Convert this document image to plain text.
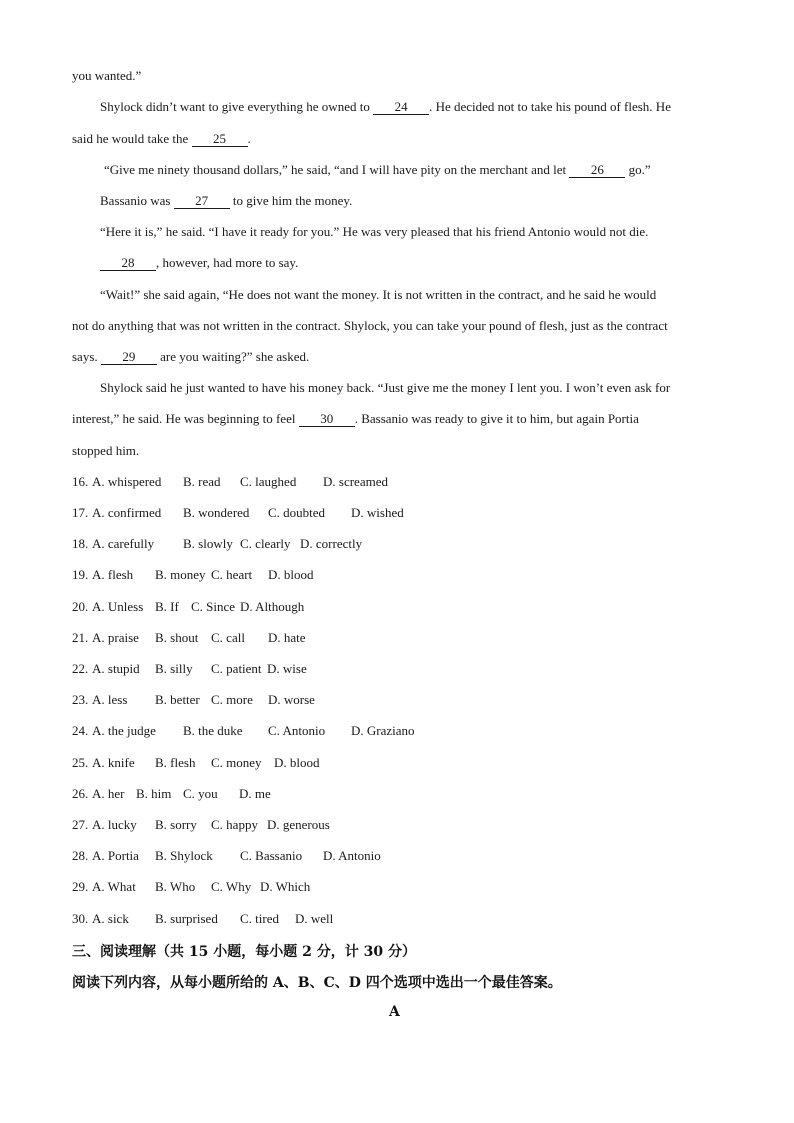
you wanted.”
Shylock didn’t want to give everything he owned to 24 . He decided not to take his pound of flesh. He
said he would take the 25 .
“Give me ninety thousand dollars,” he said, “and I will have pity on the merchant and let 26 go.”
Bassanio was 27 to give him the money.
“Here it is,” he said. “I have it ready for you.” He was very pleased that his friend Antonio would not die.
28 , however, had more to say.
“Wait!” she said again, “He does not want the money. It is not written in the contract, and he said he would
not do anything that was not written in the contract. Shylock, you can take your pound of flesh, just as the contract
says. 29 are you waiting?” she asked.
Shylock said he just wanted to have his money back. “Just give me the money I lent you. I won’t even ask for
interest,” he said. He was beginning to feel 30 . Bassanio was ready to give it to him, but again Portia
stopped him.
16. A. whispered B. read C. laughed D. screamed
17. A. confirmed B. wondered C. doubted D. wished
18. A. carefully B. slowly C. clearly D. correctly
19. A. flesh B. money C. heart D. blood
20. A. Unless B. If C. Since D. Although
21. A. praise B. shout C. call D. hate
22. A. stupid B. silly C. patient D. wise
23. A. less B. better C. more D. worse
24. A. the judge B. the duke C. Antonio D. Graziano
25. A. knife B. flesh C. money D. blood
26. A. her B. him C. you D. me
27. A. lucky B. sorry C. happy D. generous
28. A. Portia B. Shylock C. Bassanio D. Antonio
29. A. What B. Who C. Why D. Which
30. A. sick B. surprised C. tired D. well
三、阅读理解（共 15 小题，每小题 2 分，计 30 分）
阅读下列内容，从每小题所给的 A、B、C、D 四个选项中选出一个最佳答案。
A
